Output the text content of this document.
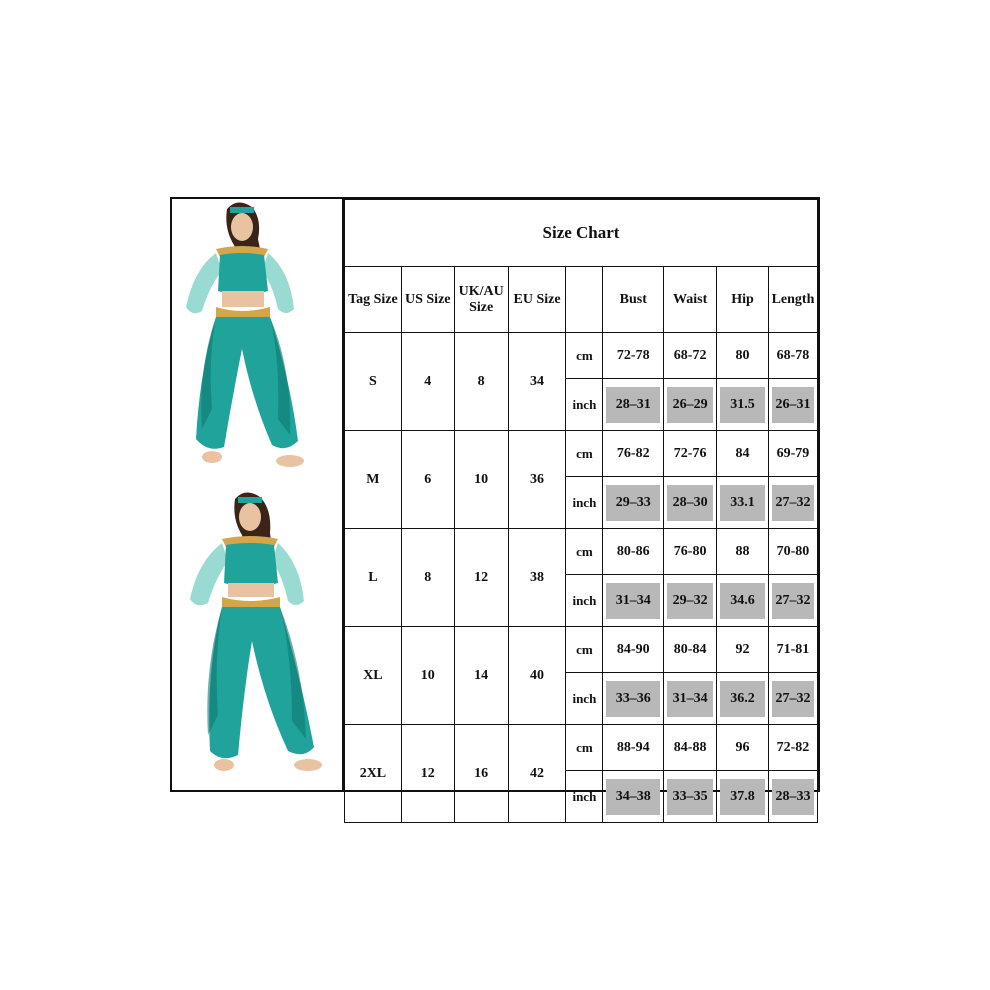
Size Chart								
Tag Size	US Size	UK/AU Size	EU Size		Bust	Waist	Hip	Length

S	4	8	34	cm	72-78	68-72	80	68-78

				inch	28–31	26–29	31.5	26–31

M	6	10	36	cm	76-82	72-76	84	69-79

				inch	29–33	28–30	33.1	27–32

L	8	12	38	cm	80-86	76-80	88	70-80

				inch	31–34	29–32	34.6	27–32

XL	10	14	40	cm	84-90	80-84	92	71-81

				inch	33–36	31–34	36.2	27–32

2XL	12	16	42	cm	88-94	84-88	96	72-82

				inch	34–38	33–35	37.8	28–33
